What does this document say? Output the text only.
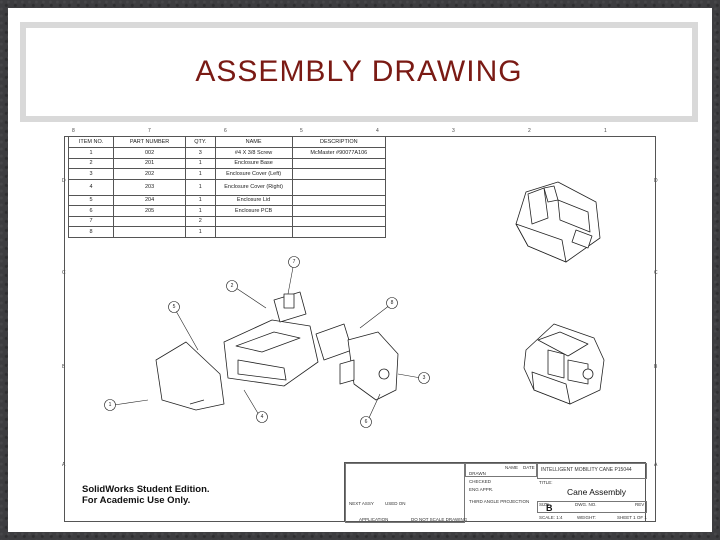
ASSEMBLY DRAWING
8	7	6	5	4	3	2	1
D
C
B
A
D
C
B
A
ITEM NO.	PART NUMBER	QTY.	NAME	DESCRIPTION
1	002	3	#4 X 3/8 Screw	McMaster #90077A106
2	201	1	Enclosure Base	
3	202	1	Enclosure Cover (Left)	
4	203	1	Enclosure Cover (Right)	
5	204	1	Enclosure Lid	
6	205	1	Enclosure PCB	
7		2		
8		1		
1
2
5
7
4
6
8
3
SolidWorks Student Edition.
For Academic Use Only.
NAME DATE
DRAWN
CHECKED
ENG APPR.
THIRD ANGLE PROJECTION
INTELLIGENT MOBILITY CANE P15044
TITLE:
Cane Assembly
SIZE
B	DWG. NO.	REV
SCALE: 1:4	WEIGHT:	SHEET 1 OF 1
NEXT ASSY USED ON
APPLICATION	DO NOT SCALE DRAWING
